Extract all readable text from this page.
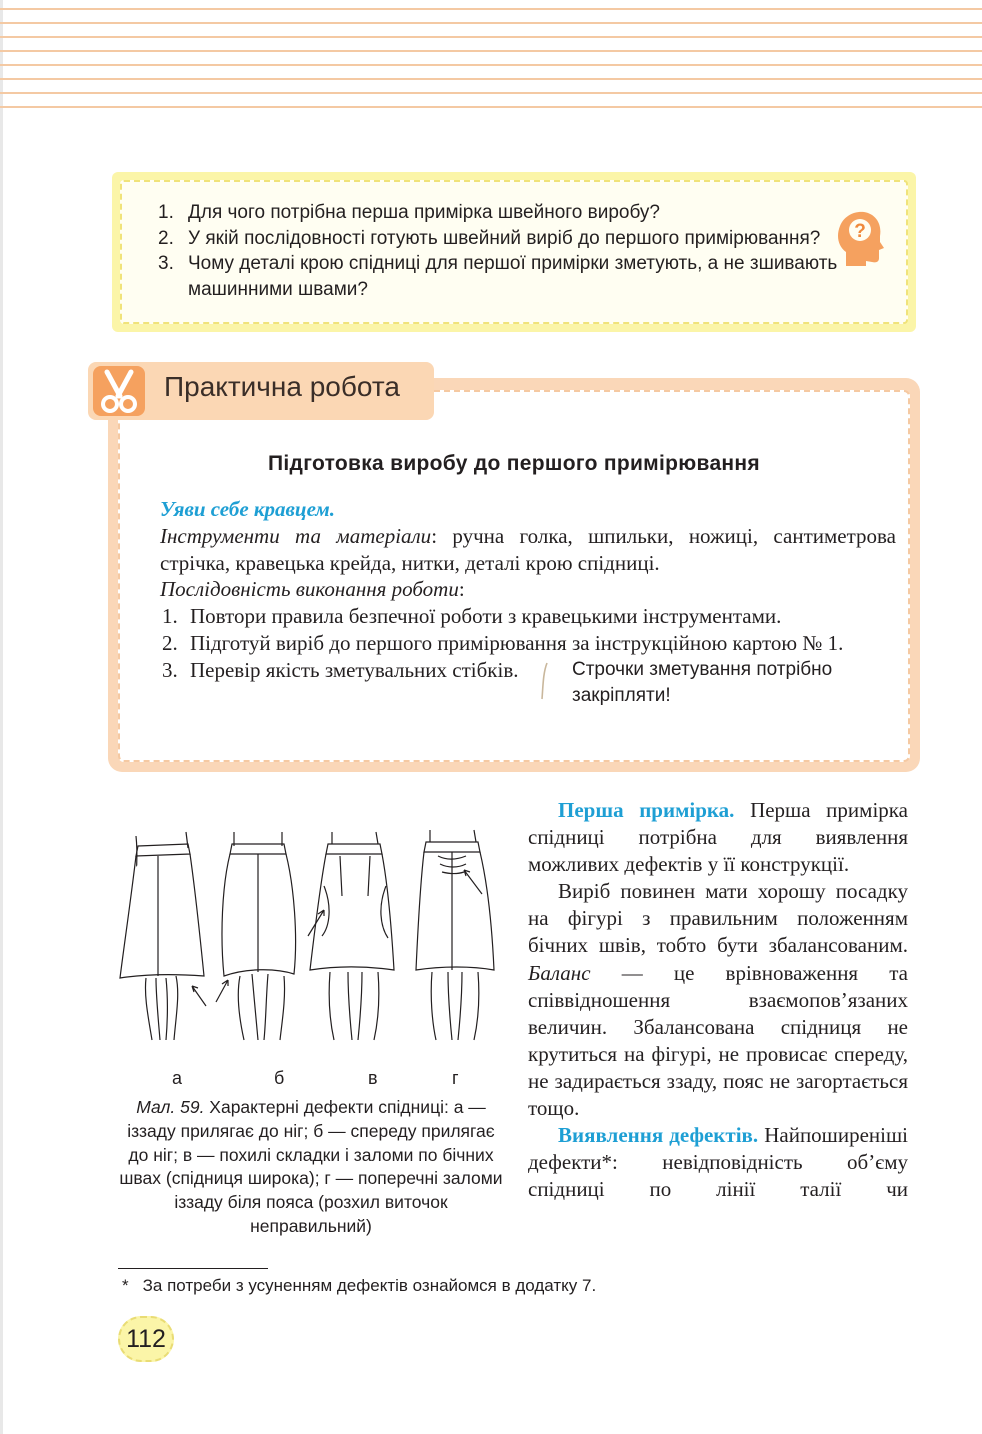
1. Для чого потрібна перша примірка швейного виробу?
2. У якій послідовності готують швейний виріб до першого примірювання?
3. Чому деталі крою спідниці для першої примірки зметують, а не зшивають машинними швами?
?
Практична робота
Підготовка виробу до першого примірювання

Уяви себе кравцем.

Інструменти та матеріали: ручна голка, шпильки, ножиці, сантиметрова стрічка, кравецька крейда, нитки, деталі крою спідниці.

Послідовність виконання роботи:

1. Повтори правила безпечної роботи з кравецькими інструментами.
2. Підготуй виріб до першого примірювання за інструкційною картою № 1.
3. Перевір якість зметувальних стібків.	Строчки зметування потрібно закріпляти!
а	б	в	г
Мал. 59. Характерні дефекти спідниці: а — іззаду прилягає до ніг; б — спереду прилягає до ніг; в — похилі складки і заломи по бічних швах (спідниця широка); г — поперечні заломи іззаду біля пояса (розхил виточок неправильний)

Перша примірка. Перша примірка спідниці потрібна для виявлення можливих дефектів у її конструкції.

Виріб повинен мати хорошу посадку на фігурі з правильним положенням бічних швів, тобто бути збалансованим. Баланс — це врівноваження та співвідношення взаємопов’язаних величин. Збалансована спідниця не крутиться на фігурі, не провисає спереду, не задирається ззаду, пояс не загортається тощо.

Виявлення дефектів. Найпоширеніші дефекти*: невідповідність об’єму спідниці по лінії талії чи

* За потреби з усуненням дефектів ознайомся в додатку 7.
112
